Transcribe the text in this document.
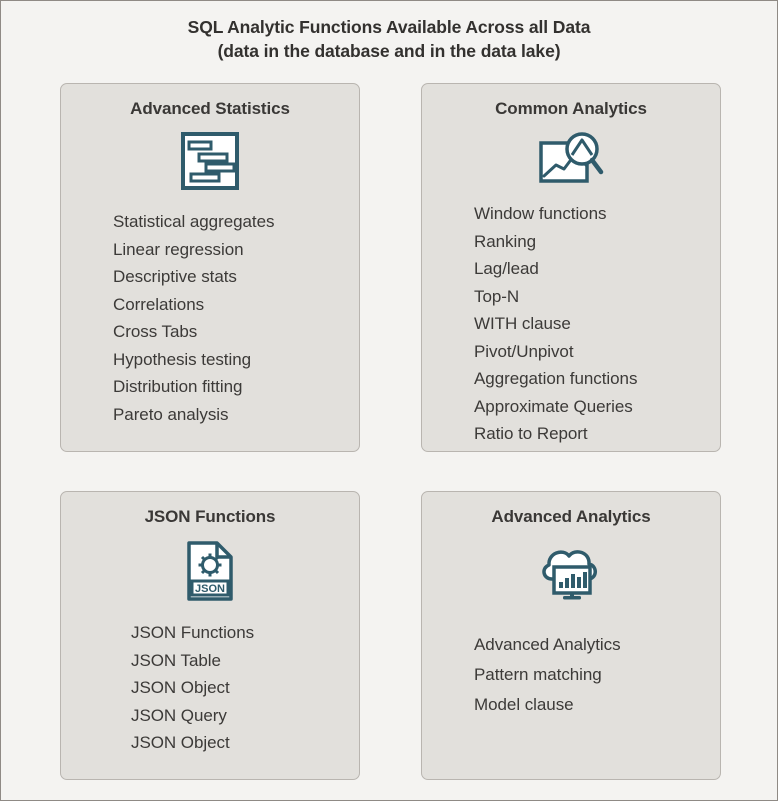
SQL Analytic Functions Available Across all Data
(data in the database and in the data lake)
Advanced Statistics
Statistical aggregates
Linear regression
Descriptive stats
Correlations
Cross Tabs
Hypothesis testing
Distribution fitting
Pareto analysis
Common Analytics
Window functions
Ranking
Lag/lead
Top-N
WITH clause
Pivot/Unpivot
Aggregation functions
Approximate Queries
Ratio to Report
JSON Functions
JSON
JSON Functions
JSON Table
JSON Object
JSON Query
JSON Object
Advanced Analytics
Advanced Analytics
Pattern matching
Model clause
